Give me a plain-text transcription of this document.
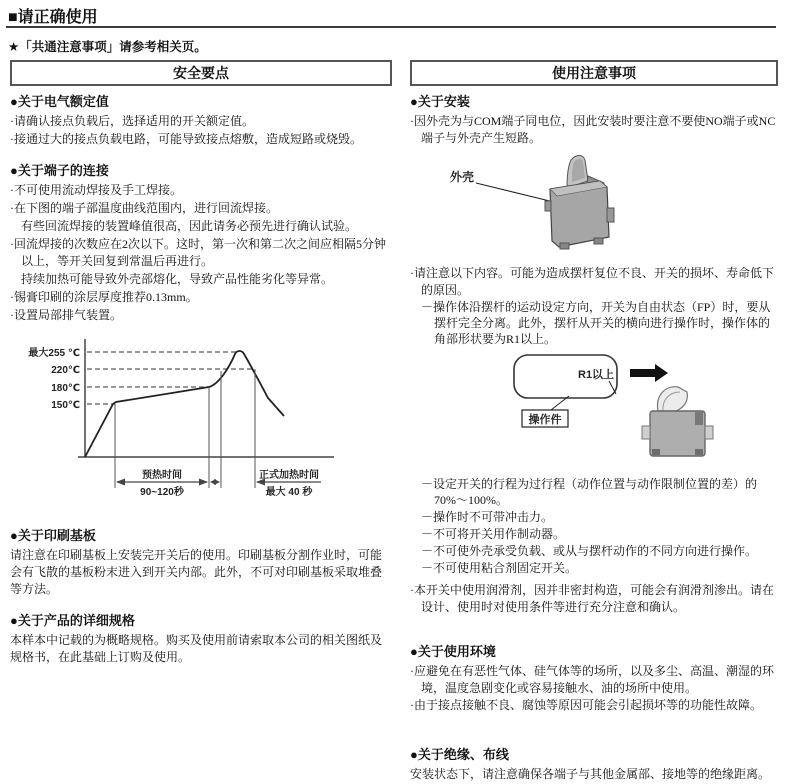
■请正确使用
★「共通注意事项」请参考相关页。
安全要点
●关于电气额定值
·请确认接点负载后，选择适用的开关额定值。
·接通过大的接点负载电路，可能导致接点熔敷，造成短路或烧毁。
●关于端子的连接
·不可使用流动焊接及手工焊接。
·在下图的端子部温度曲线范围内，进行回流焊接。
有些回流焊接的装置峰值很高，因此请务必预先进行确认试验。
·回流焊接的次数应在2次以下。这时，第一次和第二次之间应相隔5分钟以上，等开关回复到常温后再进行。
持续加热可能导致外壳部熔化，导致产品性能劣化等异常。
·锡膏印刷的涂层厚度推荐0.13mm。
·设置局部排气装置。
最大255 ℃
220℃
180℃
150℃
预热时间
90~120秒
正式加热时间
最大 40 秒
●关于印刷基板
请注意在印刷基板上安装完开关后的使用。印刷基板分割作业时，可能会有飞散的基板粉末进入到开关内部。此外，不可对印刷基板采取堆叠等方法。
●关于产品的详细规格
本样本中记载的为概略规格。购买及使用前请索取本公司的相关图纸及规格书，在此基础上订购及使用。
使用注意事项
●关于安装
·因外壳为与COM端子同电位，因此安装时要注意不要使NO端子或NC端子与外壳产生短路。
外壳
·请注意以下内容。可能为造成摆杆复位不良、开关的损坏、寿命低下的原因。
－操作体沿摆杆的运动设定方向，开关为自由状态（FP）时，要从摆杆完全分离。此外，摆杆从开关的横向进行操作时，操作体的角部形状要为R1以上。
R1以上
操作件
－设定开关的行程为过行程（动作位置与动作限制位置的差）的70%～100%。
－操作时不可带冲击力。
－不可将开关用作制动器。
－不可使外壳承受负载、或从与摆杆动作的不同方向进行操作。
－不可使用粘合剂固定开关。
·本开关中使用润滑剂，因并非密封构造，可能会有润滑剂渗出。请在设计、使用时对使用条件等进行充分注意和确认。
●关于使用环境
·应避免在有恶性气体、硅气体等的场所，以及多尘、高温、潮湿的环境，温度急剧变化或容易接触水、油的场所中使用。
·由于接点接触不良、腐蚀等原因可能会引起损坏等的功能性故障。
●关于绝缘、布线
安装状态下，请注意确保各端子与其他金属部、接地等的绝缘距离。
